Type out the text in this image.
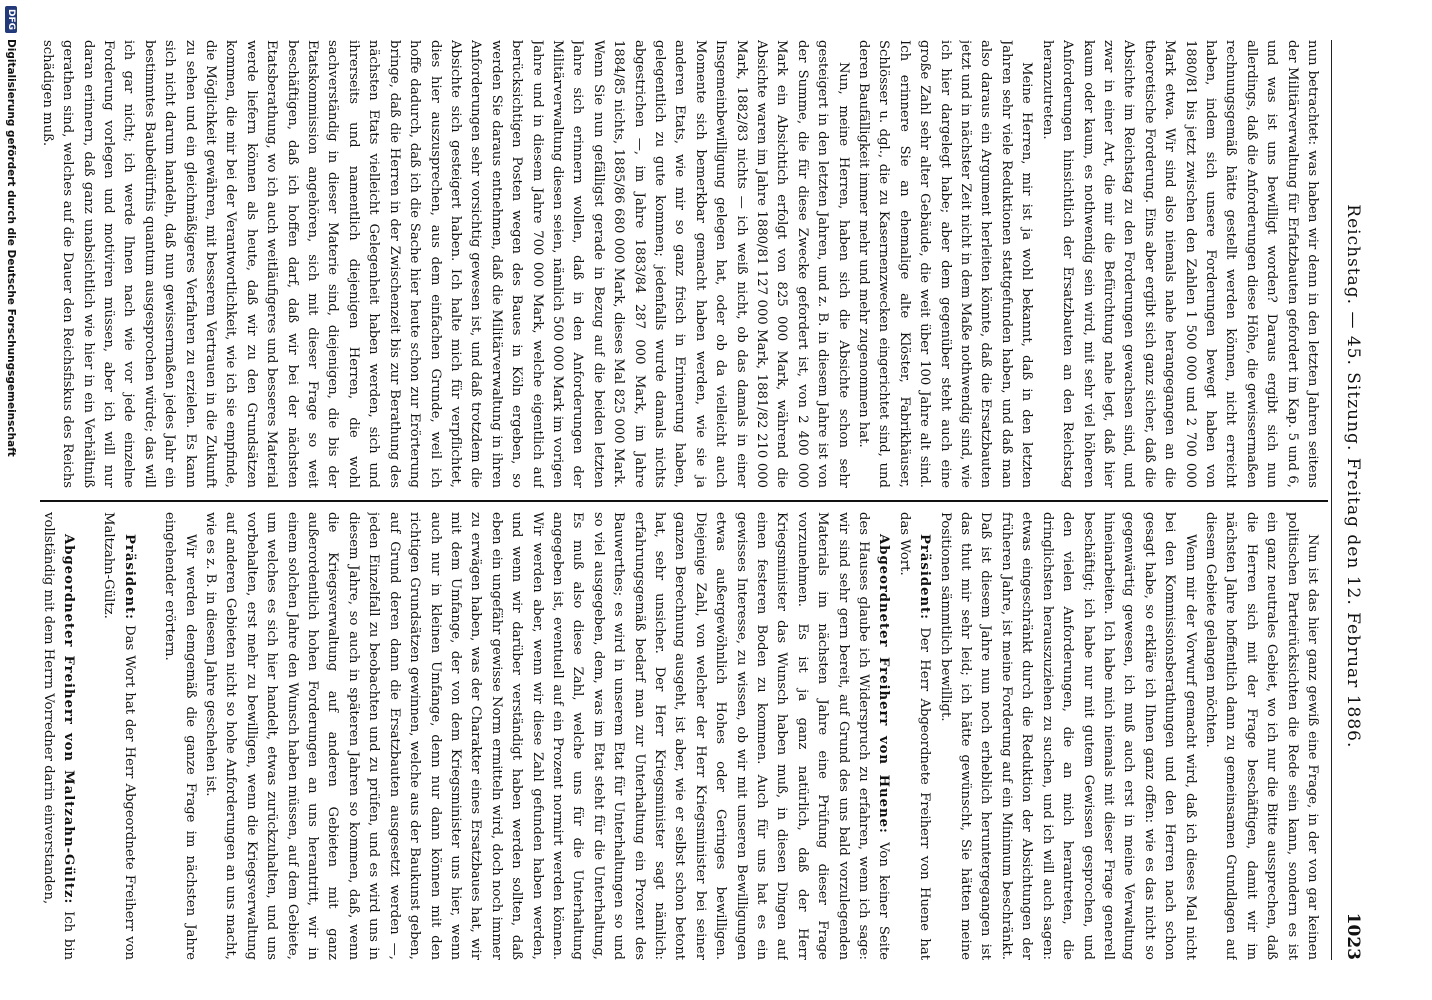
Reichstag. — 45. Sitzung. Freitag den 12. Februar 1886.
1023

nun betrachtet: was haben wir denn in den letzten Jahren seitens der Militärverwaltung für Erfatzbauten gefordert im Kap. 5 und 6, und was ist uns bewilligt worden? Daraus ergibt sich nun allerdings, daß die Anforderungen diese Höhe, die gewissermaßen rechnungsgemäß hätte gestellt werden können, nicht erreicht haben, indem sich unsere Forderungen bewegt haben von 1880/81 bis jetzt zwischen den Zahlen 1 500 000 und 2 700 000 Mark etwa. Wir sind also niemals nahe herangegangen an die theoretische Forderung. Eins aber ergibt sich ganz sicher, daß die Absichte im Reichstag zu den Forderungen gewachsen sind, und zwar in einer Art, die mir die Befürchtung nahe legt, daß hier kaum oder kaum, es nothwendig sein wird, mit sehr viel höheren Anforderungen hinsichtlich der Ersatzbauten an den Reichstag heranzutreten.

Meine Herren, mir ist ja wohl bekannt, daß in den letzten Jahren sehr viele Reduktionen stattgefunden haben, und daß man also daraus ein Argument herleiten könnte, daß die Ersatzbauten jetzt und in nächster Zeit nicht in dem Maße nothwendig sind, wie ich hier dargelegt habe; aber dem gegenüber steht auch eine große Zahl sehr alter Gebäude, die weit über 100 Jahre alt sind. Ich erinnere Sie an ehemalige alte Klöster, Fabrikhäuser, Schlösser u. dgl., die zu Kasernenzwecken eingerichtet sind, und deren Baufälligkeit immer mehr und mehr zugenommen hat.

Nun, meine Herren, haben sich die Absichte schon sehr gesteigert in den letzten Jahren, und z. B. in diesem Jahre ist von der Summe, die für diese Zwecke gefordert ist, von 2 400 000 Mark ein Absichtich erfolgt von 825 000 Mark, während die Absichte waren im Jahre 1880/81 127 000 Mark, 1881/82 210 000 Mark, 1882/83 nichts — ich weiß nicht, ob das damals in einer Insgemeinbewilligung gelegen hat, oder ob da vielleicht auch Momente sich bemerkbar gemacht haben werden, wie sie ja anderen Etats, wie mir so ganz frisch in Erinnerung haben, gelegentlich zu gute kommen; jedenfalls wurde damals nichts abgestrichen —, im Jahre 1883/84 287 000 Mark, im Jahre 1884/85 nichts, 1885/86 680 000 Mark, dieses Mal 825 000 Mark. Wenn Sie nun gefälligst gerade in Bezug auf die beiden letzten Jahre sich erinnern wollen, daß in den Anforderungen der Militärverwaltung diesen seien, nämlich 500 000 Mark im vorigen Jahre und in diesem Jahre 700 000 Mark, welche eigentlich auf berücksichtigen Posten wegen des Baues in Köln ergeben, so werden Sie daraus entnehmen, daß die Militärverwaltung in ihren Anforderungen sehr vorsichtig gewesen ist, und daß trotzdem die Absichte sich gesteigert haben. Ich halte mich für verpflichtet, dies hier auszusprechen, aus dem einfachen Grunde, weil ich hoffe dadurch, daß ich die Sache hier heute schon zur Erörterung bringe, daß die Herren in der Zwischenzeit bis zur Berathung des nächsten Etats vielleicht Gelegenheit haben werden, sich und ihrerseits und namentlich diejenigen Herren, die wohl sachverständig in dieser Materie sind, diejenigen, die bis der Etatskommission angehören, sich mit dieser Frage so weit beschäftigen, daß ich hoffen darf, daß wir bei der nächsten Etatsberathung, wo ich auch weitläufigeres und besseres Material werde liefern können als heute, daß wir zu den Grundsätzen kommen, die mir bei der Verantwortlichkeit, wie ich sie empfinde, die Möglichkeit gewähren, mit besserem Vertrauen in die Zukunft zu sehen und ein gleichmäßigeres Verfahren zu erzielen. Es kann sich nicht darum handeln, daß nun gewissermaßen jedes Jahr ein bestimmtes Baubedürfnis quantum ausgesprochen würde; das will ich gar nicht; ich werde Ihnen nach wie vor jede einzelne Forderung vorlegen und motiviren müssen, aber ich will nur daran erinnern, daß ganz unabsichtlich wie hier in ein Verhältniß gerathen sind, welches auf die Dauer den Reichsfiskus des Reichs schädigen muß.

Nun ist das hier ganz gewiß eine Frage, in der von gar keinen politischen Parteirücksichten die Rede sein kann, sondern es ist ein ganz neutrales Gebiet, wo ich nur die Bitte aussprechen, daß die Herren sich mit der Frage beschäftigen, damit wir im nächsten Jahre hoffentlich dann zu gemeinsamen Grundlagen auf diesem Gebiete gelangen möchten.

Wenn mir der Vorwurf gemacht wird, daß ich dieses Mal nicht bei den Kommissionsberathungen und den Herren nach schon gesagt habe, so erkläre ich Ihnen ganz offen: wie es das nicht so gegenwärtig gewesen, ich muß auch erst in meine Verwaltung hineinarbeiten. Ich habe mich niemals mit dieser Frage generell beschäftigt; ich habe nur mit gutem Gewissen gesprochen, und den vielen Anforderungen, die an mich herantreten, die dringlichsten herauszuziehen zu suchen, und ich will auch sagen: etwas eingeschränkt durch die Reduktion der Absichtungen der früheren Jahre, ist meine Forderung auf ein Minimum beschränkt. Daß ist diesem Jahre nun noch erheblich heruntergegangen ist das thut mir sehr leid; ich hätte gewünscht, Sie hätten meine Positionen sämmtlich bewilligt.

Präsident: Der Herr Abgeordnete Freiherr von Huene hat das Wort.

Abgeordneter Freiherr von Huene: Von keiner Seite des Hauses glaube ich Widerspruch zu erfahren, wenn ich sage: wir sind sehr gern bereit, auf Grund des uns bald vorzulegenden Materials im nächsten Jahre eine Prüfung dieser Frage vorzunehmen. Es ist ja ganz natürlich, daß der Herr Kriegsminister das Wunsch haben muß, in diesen Dingen auf einen festeren Boden zu kommen. Auch für uns hat es ein gewisses Interesse, zu wissen, ob wir mit unseren Bewilligungen etwas außergewöhnlich Hohes oder Geringes bewilligen. Diejenige Zahl, von welcher der Herr Kriegsminister bei seiner ganzen Berechnung ausgeht, ist aber, wie er selbst schon betont hat, sehr unsicher. Der Herr Kriegsminister sagt nämlich: erfahrungsgemäß bedarf man zur Unterhaltung ein Prozent des Bauwerthes; es wird in unserem Etat für Unterhaltungen so und so viel ausgegeben, dem, was im Etat steht für die Unterhaltung, Es muß also diese Zahl, welche uns für die Unterhaltung angegeben ist, eventuell auf ein Prozent normirt werden können. Wir werden aber, wenn wir diese Zahl gefunden haben werden, und wenn wir darüber verständigt haben werden sollten, daß eben ein ungefähr gewisse Norm ermitteln wird, doch noch immer zu erwägen haben, was der Charakter eines Ersatzbaues hat, wir mit dem Umfange, der von dem Kriegsminister uns hier, wenn auch nur in kleinen Umfange, denn nur dann können mit den richtigen Grundsätzen gewinnen, welche aus der Baukunst geben, auf Grund deren dann die Ersatzbauten ausgesetzt werden —, jeden Einzelfall zu beobachten und zu prüfen, und es wird uns in diesem Jahre, so auch in späteren Jahren so kommen, daß, wenn die Kriegsverwaltung auf anderen Gebieten mit ganz außerordentlich hohen Forderungen an uns herantritt, wir in einem solchen Jahre den Wunsch haben müssen, auf dem Gebiete, um welches es sich hier handelt, etwas zurückzuhalten, und uns vorbehalten, erst mehr zu bewilligen, wenn die Kriegsverwaltung auf anderen Gebieten nicht so hohe Anforderungen an uns macht, wie es z. B. in diesem Jahre geschehen ist.

Wir werden demgemäß die ganze Frage im nächsten Jahre eingehender erörtern.

Präsident: Das Wort hat der Herr Abgeordnete Freiherr von Maltzahn-Gültz.

Abgeordneter Freiherr von Maltzahn-Gültz: Ich bin vollständig mit dem Herrn Vorredner darin einverstanden,

DFG
Digitalisierung gefördert durch die Deutsche Forschungsgemeinschaft
